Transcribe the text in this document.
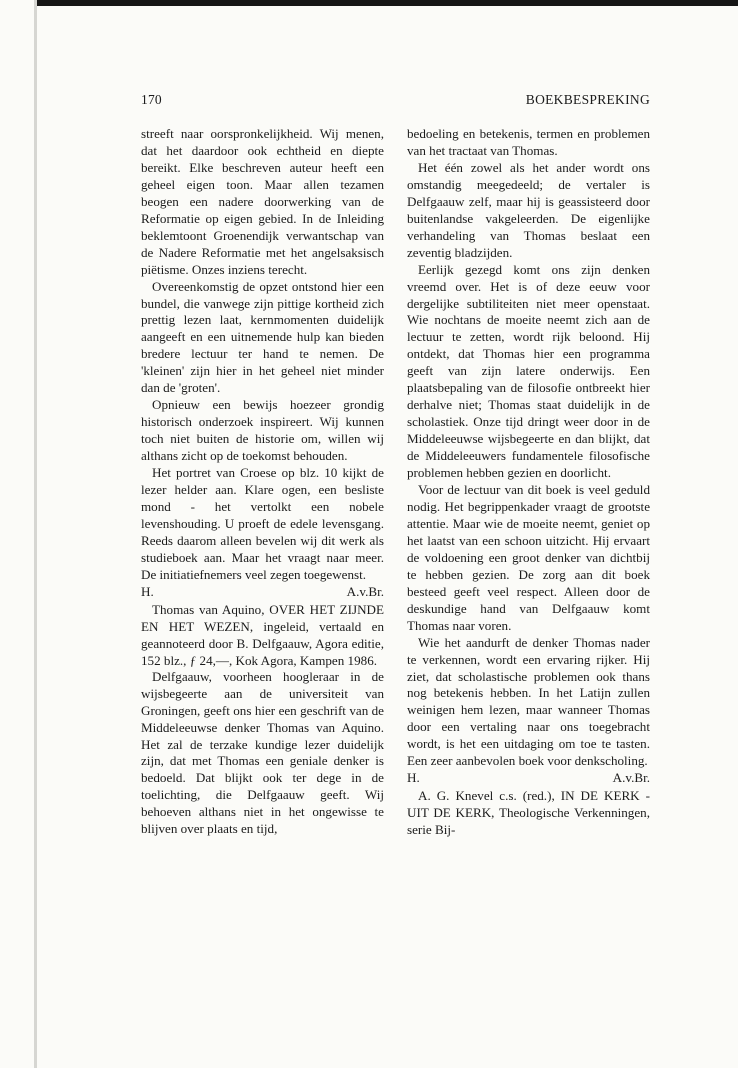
170	BOEKBESPREKING

streeft naar oorspronkelijkheid. Wij menen, dat het daardoor ook echtheid en diepte bereikt. Elke beschreven auteur heeft een geheel eigen toon. Maar allen tezamen beogen een nadere doorwerking van de Reformatie op eigen gebied. In de Inleiding beklemtoont Groenendijk verwantschap van de Nadere Reformatie met het angelsaksisch piëtisme. Onzes inziens terecht.

Overeenkomstig de opzet ontstond hier een bundel, die vanwege zijn pittige kortheid zich prettig lezen laat, kernmomenten duidelijk aangeeft en een uitnemende hulp kan bieden bredere lectuur ter hand te nemen. De 'kleinen' zijn hier in het geheel niet minder dan de 'groten'.

Opnieuw een bewijs hoezeer grondig historisch onderzoek inspireert. Wij kunnen toch niet buiten de historie om, willen wij althans zicht op de toekomst behouden.

Het portret van Croese op blz. 10 kijkt de lezer helder aan. Klare ogen, een besliste mond - het vertolkt een nobele levenshouding. U proeft de edele levensgang. Reeds daarom alleen bevelen wij dit werk als studieboek aan. Maar het vraagt naar meer. De initiatiefnemers veel zegen toegewenst.

H.	A.v.Br.

Thomas van Aquino, OVER HET ZIJNDE EN HET WEZEN, ingeleid, vertaald en geannoteerd door B. Delfgaauw, Agora editie, 152 blz., ƒ 24,—, Kok Agora, Kampen 1986.

Delfgaauw, voorheen hoogleraar in de wijsbegeerte aan de universiteit van Groningen, geeft ons hier een geschrift van de Middeleeuwse denker Thomas van Aquino. Het zal de terzake kundige lezer duidelijk zijn, dat met Thomas een geniale denker is bedoeld. Dat blijkt ook ter dege in de toelichting, die Delfgaauw geeft. Wij behoeven althans niet in het ongewisse te blijven over plaats en tijd,

bedoeling en betekenis, termen en problemen van het tractaat van Thomas.

Het één zowel als het ander wordt ons omstandig meegedeeld; de vertaler is Delfgaauw zelf, maar hij is geassisteerd door buitenlandse vakgeleerden. De eigenlijke verhandeling van Thomas beslaat een zeventig bladzijden.

Eerlijk gezegd komt ons zijn denken vreemd over. Het is of deze eeuw voor dergelijke subtiliteiten niet meer openstaat. Wie nochtans de moeite neemt zich aan de lectuur te zetten, wordt rijk beloond. Hij ontdekt, dat Thomas hier een programma geeft van zijn latere onderwijs. Een plaatsbepaling van de filosofie ontbreekt hier derhalve niet; Thomas staat duidelijk in de scholastiek. Onze tijd dringt weer door in de Middeleeuwse wijsbegeerte en dan blijkt, dat de Middeleeuwers fundamentele filosofische problemen hebben gezien en doorlicht.

Voor de lectuur van dit boek is veel geduld nodig. Het begrippenkader vraagt de grootste attentie. Maar wie de moeite neemt, geniet op het laatst van een schoon uitzicht. Hij ervaart de voldoening een groot denker van dichtbij te hebben gezien. De zorg aan dit boek besteed geeft veel respect. Alleen door de deskundige hand van Delfgaauw komt Thomas naar voren.

Wie het aandurft de denker Thomas nader te verkennen, wordt een ervaring rijker. Hij ziet, dat scholastische problemen ook thans nog betekenis hebben. In het Latijn zullen weinigen hem lezen, maar wanneer Thomas door een vertaling naar ons toegebracht wordt, is het een uitdaging om toe te tasten. Een zeer aanbevolen boek voor denkscholing.

H.	A.v.Br.

A. G. Knevel c.s. (red.), IN DE KERK - UIT DE KERK, Theologische Verkenningen, serie Bij-
